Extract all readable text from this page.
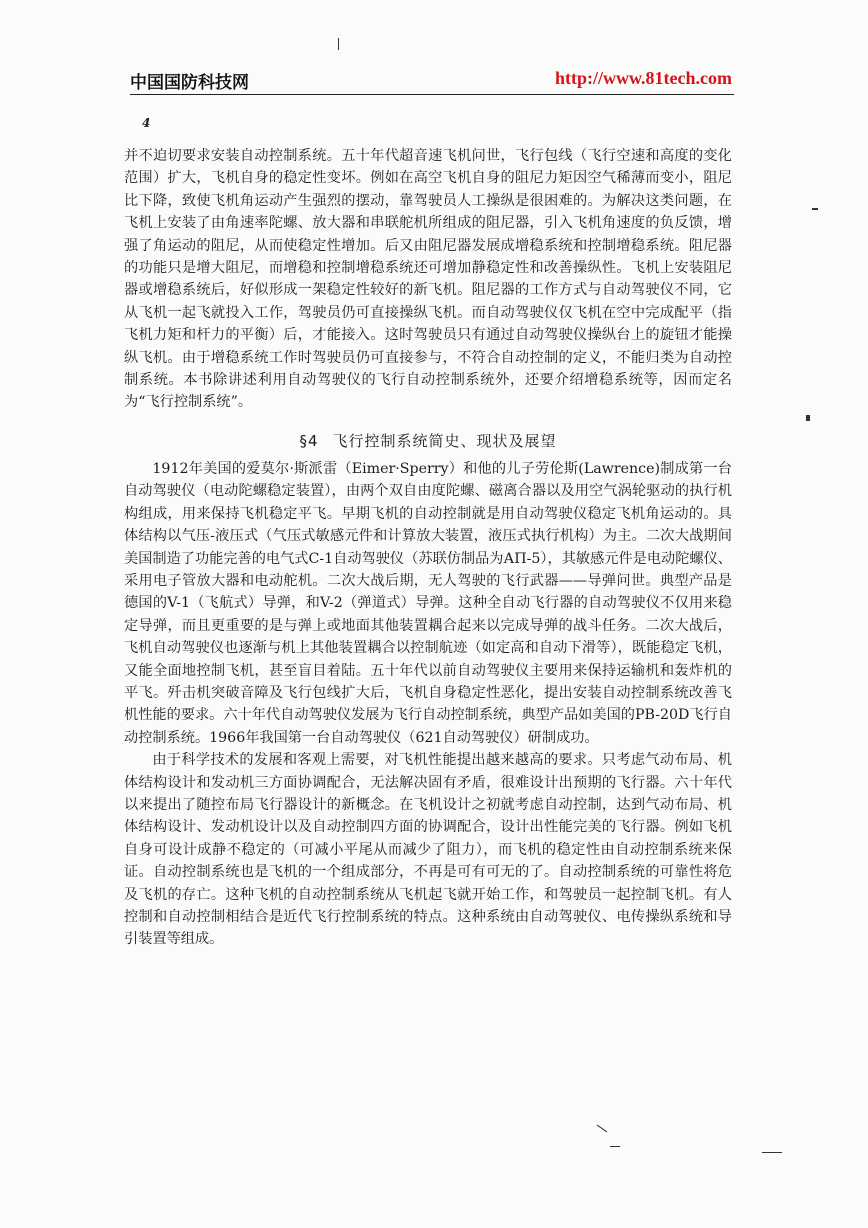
中国国防科技网	http://www.81tech.com
4

并不迫切要求安装自动控制系统。五十年代超音速飞机问世，飞行包线（飞行空速和高度的变化范围）扩大，飞机自身的稳定性变坏。例如在高空飞机自身的阻尼力矩因空气稀薄而变小，阻尼比下降，致使飞机角运动产生强烈的摆动，靠驾驶员人工操纵是很困难的。为解决这类问题，在飞机上安装了由角速率陀螺、放大器和串联舵机所组成的阻尼器，引入飞机角速度的负反馈，增强了角运动的阻尼，从而使稳定性增加。后又由阻尼器发展成增稳系统和控制增稳系统。阻尼器的功能只是增大阻尼，而增稳和控制增稳系统还可增加静稳定性和改善操纵性。飞机上安装阻尼器或增稳系统后，好似形成一架稳定性较好的新飞机。阻尼器的工作方式与自动驾驶仪不同，它从飞机一起飞就投入工作，驾驶员仍可直接操纵飞机。而自动驾驶仪仅飞机在空中完成配平（指飞机力矩和杆力的平衡）后，才能接入。这时驾驶员只有通过自动驾驶仪操纵台上的旋钮才能操纵飞机。由于增稳系统工作时驾驶员仍可直接参与，不符合自动控制的定义，不能归类为自动控制系统。本书除讲述利用自动驾驶仪的飞行自动控制系统外，还要介绍增稳系统等，因而定名为“飞行控制系统”。

§4 飞行控制系统简史、现状及展望

1912年美国的爱莫尔·斯派雷（Eimer·Sperry）和他的儿子劳伦斯(Lawrence)制成第一台自动驾驶仪（电动陀螺稳定装置），由两个双自由度陀螺、磁离合器以及用空气涡轮驱动的执行机构组成，用来保持飞机稳定平飞。早期飞机的自动控制就是用自动驾驶仪稳定飞机角运动的。具体结构以气压-液压式（气压式敏感元件和计算放大装置，液压式执行机构）为主。二次大战期间美国制造了功能完善的电气式C-1自动驾驶仪（苏联仿制品为АП-5），其敏感元件是电动陀螺仪、采用电子管放大器和电动舵机。二次大战后期，无人驾驶的飞行武器——导弹问世。典型产品是德国的V-1（飞航式）导弹，和V-2（弹道式）导弹。这种全自动飞行器的自动驾驶仪不仅用来稳定导弹，而且更重要的是与弹上或地面其他装置耦合起来以完成导弹的战斗任务。二次大战后，飞机自动驾驶仪也逐渐与机上其他装置耦合以控制航迹（如定高和自动下滑等），既能稳定飞机，又能全面地控制飞机，甚至盲目着陆。五十年代以前自动驾驶仪主要用来保持运输机和轰炸机的平飞。歼击机突破音障及飞行包线扩大后，飞机自身稳定性恶化，提出安装自动控制系统改善飞机性能的要求。六十年代自动驾驶仪发展为飞行自动控制系统，典型产品如美国的PB-20D飞行自动控制系统。1966年我国第一台自动驾驶仪（621自动驾驶仪）研制成功。

由于科学技术的发展和客观上需要，对飞机性能提出越来越高的要求。只考虑气动布局、机体结构设计和发动机三方面协调配合，无法解决固有矛盾，很难设计出预期的飞行器。六十年代以来提出了随控布局飞行器设计的新概念。在飞机设计之初就考虑自动控制，达到气动布局、机体结构设计、发动机设计以及自动控制四方面的协调配合，设计出性能完美的飞行器。例如飞机自身可设计成静不稳定的（可减小平尾从而减少了阻力），而飞机的稳定性由自动控制系统来保证。自动控制系统也是飞机的一个组成部分，不再是可有可无的了。自动控制系统的可靠性将危及飞机的存亡。这种飞机的自动控制系统从飞机起飞就开始工作，和驾驶员一起控制飞机。有人控制和自动控制相结合是近代飞行控制系统的特点。这种系统由自动驾驶仪、电传操纵系统和导引装置等组成。
